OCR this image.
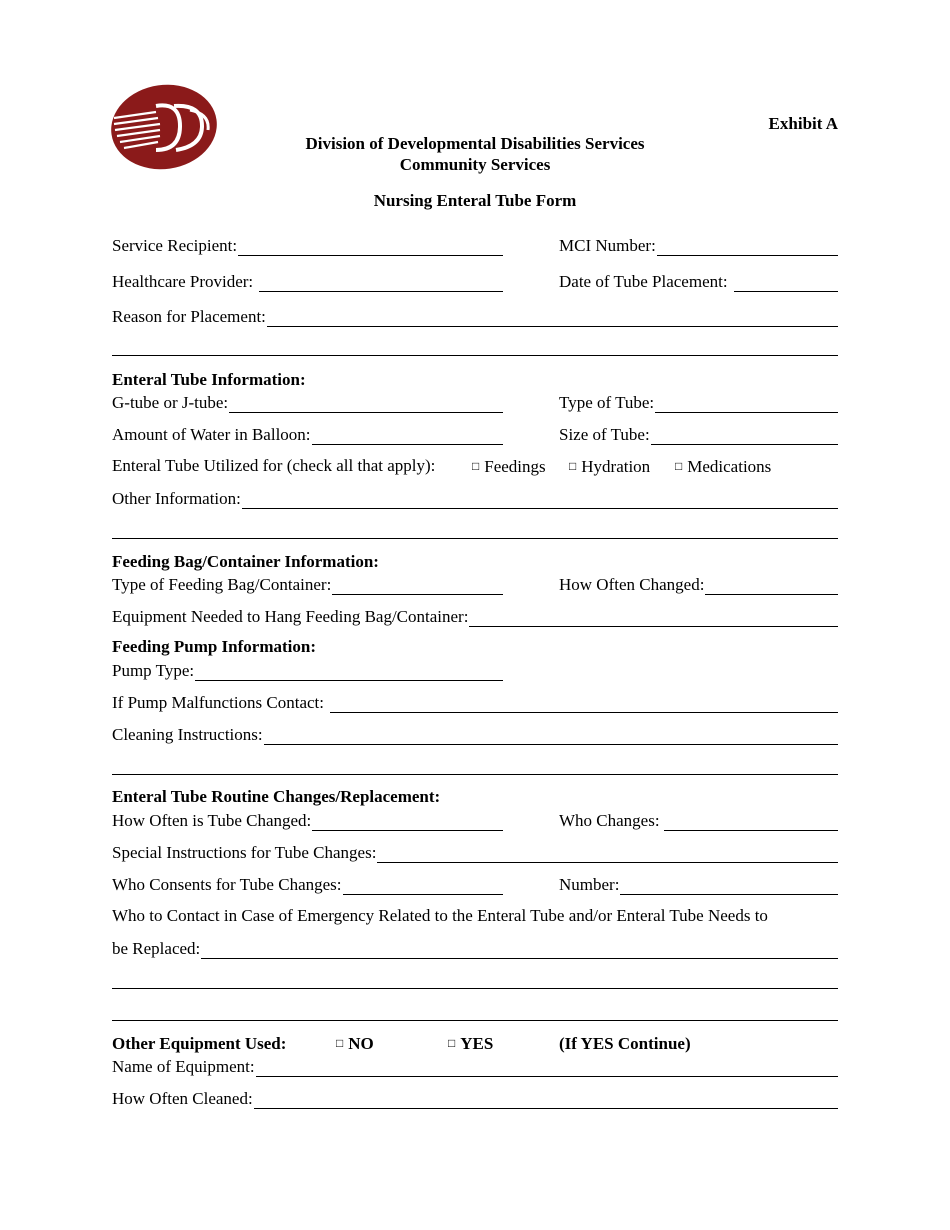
Exhibit A
Division of Developmental Disabilities Services
Community Services
Nursing Enteral Tube Form
Service Recipient:	MCI Number:
Healthcare Provider:	Date of Tube Placement:
Reason for Placement:
Enteral Tube Information:
G-tube or J-tube:	Type of Tube:
Amount of Water in Balloon:	Size of Tube:
Enteral Tube Utilized for (check all that apply):	□ Feedings □ Hydration □ Medications
Other Information:
Feeding Bag/Container Information:
Type of Feeding Bag/Container:	How Often Changed:
Equipment Needed to Hang Feeding Bag/Container:
Feeding Pump Information:
Pump Type:
If Pump Malfunctions Contact:
Cleaning Instructions:
Enteral Tube Routine Changes/Replacement:
How Often is Tube Changed:	Who Changes:
Special Instructions for Tube Changes:
Who Consents for Tube Changes:	Number:
Who to Contact in Case of Emergency Related to the Enteral Tube and/or Enteral Tube Needs to
be Replaced:
Other Equipment Used:	□ NO	□ YES	(If YES Continue)
Name of Equipment:
How Often Cleaned:
